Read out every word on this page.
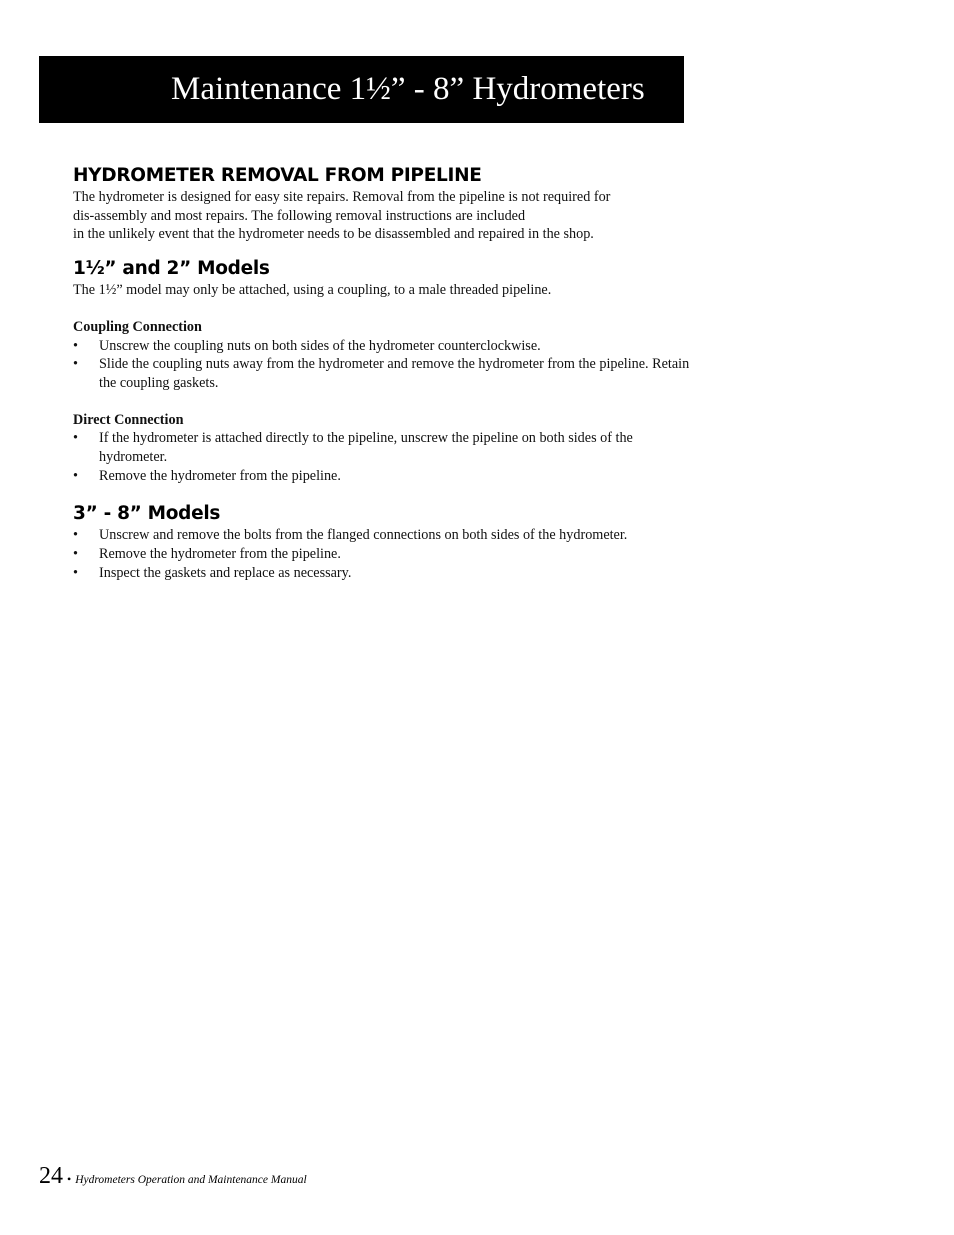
Maintenance 1½” - 8” Hydrometers
HYDROMETER REMOVAL FROM PIPELINE

The hydrometer is designed for easy site repairs. Removal from the pipeline is not required for

dis-assembly and most repairs. The following removal instructions are included

in the unlikely event that the hydrometer needs to be disassembled and repaired in the shop.

1½” and 2” Models

The 1½” model may only be attached, using a coupling, to a male threaded pipeline.

Coupling Connection
• Unscrew the coupling nuts on both sides of the hydrometer counterclockwise.
• Slide the coupling nuts away from the hydrometer and remove the hydrometer from the pipeline. Retain the coupling gaskets.
Direct Connection
• If the hydrometer is attached directly to the pipeline, unscrew the pipeline on both sides of the hydrometer.
• Remove the hydrometer from the pipeline.
3” - 8” Models
• Unscrew and remove the bolts from the flanged connections on both sides of the hydrometer.
• Remove the hydrometer from the pipeline.
• Inspect the gaskets and replace as necessary.
24 • Hydrometers Operation and Maintenance Manual
